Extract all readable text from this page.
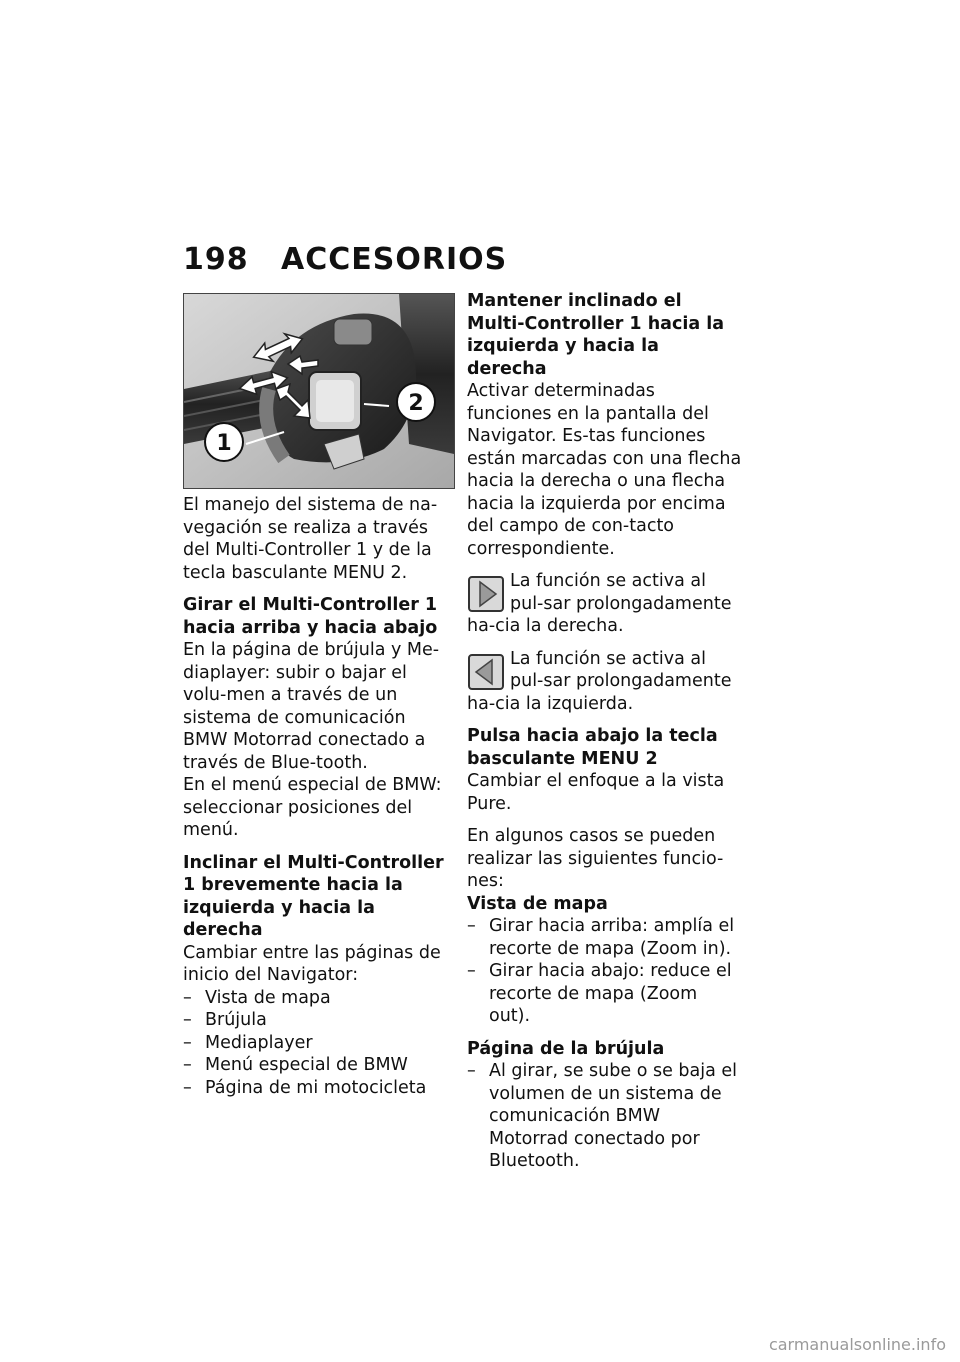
198 ACCESORIOS
1
2

El manejo del sistema de na-vegación se realiza a través del Multi-Controller 1 y de la tecla basculante MENU 2.

Girar el Multi-Controller 1 hacia arriba y hacia abajo

En la página de brújula y Me-diaplayer: subir o bajar el volu-men a través de un sistema de comunicación BMW Motorrad conectado a través de Blue-tooth.

En el menú especial de BMW: seleccionar posiciones del menú.

Inclinar el Multi-Controller 1 brevemente hacia la izquierda y hacia la derecha

Cambiar entre las páginas de inicio del Navigator:

– Vista de mapa
– Brújula
– Mediaplayer
– Menú especial de BMW
– Página de mi motocicleta
Mantener inclinado el Multi-Controller 1 hacia la izquierda y hacia la derecha

Activar determinadas funciones en la pantalla del Navigator. Es-tas funciones están marcadas con una flecha hacia la derecha o una flecha hacia la izquierda por encima del campo de con-tacto correspondiente.

La función se activa al pul-sar prolongadamente ha-cia la derecha.

La función se activa al pul-sar prolongadamente ha-cia la izquierda.

Pulsa hacia abajo la tecla basculante MENU 2

Cambiar el enfoque a la vista Pure.

En algunos casos se pueden realizar las siguientes funcio-nes:

Vista de mapa
– Girar hacia arriba: amplía el recorte de mapa (Zoom in).
– Girar hacia abajo: reduce el recorte de mapa (Zoom out).
Página de la brújula
– Al girar, se sube o se baja el volumen de un sistema de comunicación BMW Motorrad conectado por Bluetooth.
carmanualsonline.info
